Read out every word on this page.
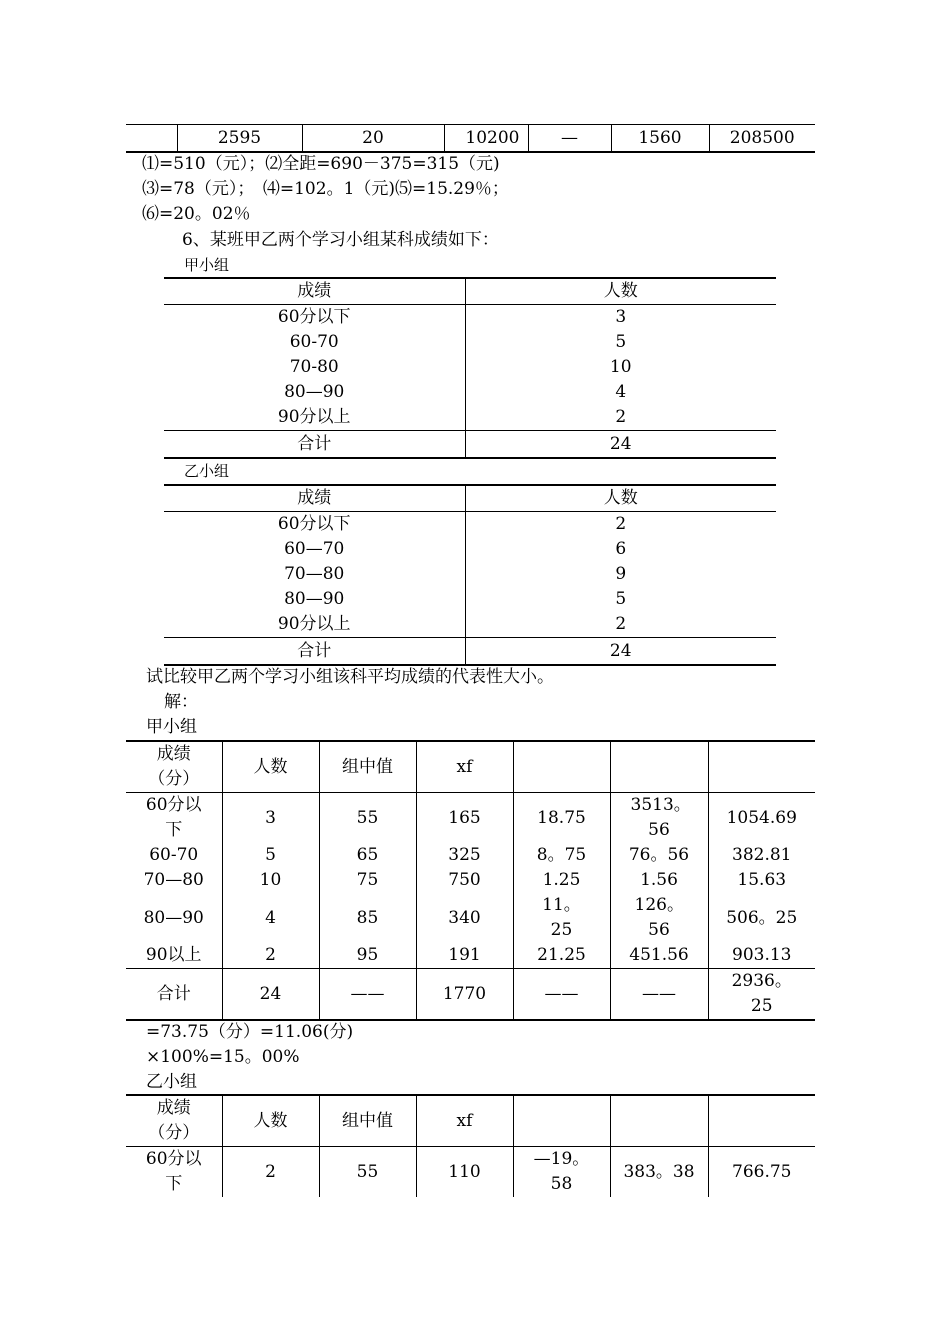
	2595	20	10200	—	1560	208500
⑴=510（元）；⑵全距=690－375=315（元)
⑶=78（元）；　⑷=102。1（元)⑸=15.29％；
⑹=20。02％
6、某班甲乙两个学习小组某科成绩如下：
甲小组
成绩	人数
60分以下	3
60-70	5
70-80	10
80—90	4
90分以上	2
合计	24
乙小组
成绩	人数
60分以下	2
60—70	6
70—80	9
80—90	5
90分以上	2
合计	24
试比较甲乙两个学习小组该科平均成绩的代表性大小。
解：
甲小组
成绩（分）	人数	组中值	xf			
60分以下	3	55	165	18.75	3513。56	1054.69
60-70	5	65	325	8。75	76。56	382.81
70—80	10	75	750	1.25	1.56	15.63
80—90	4	85	340	11。25	126。56	506。25
90以上	2	95	191	21.25	451.56	903.13
合计	24	——	1770	——	——	2936。25
=73.75（分）=11.06(分)
×100%=15。00%
乙小组
成绩（分）	人数	组中值	xf			
60分以下	2	55	110	—19。58	383。38	766.75
